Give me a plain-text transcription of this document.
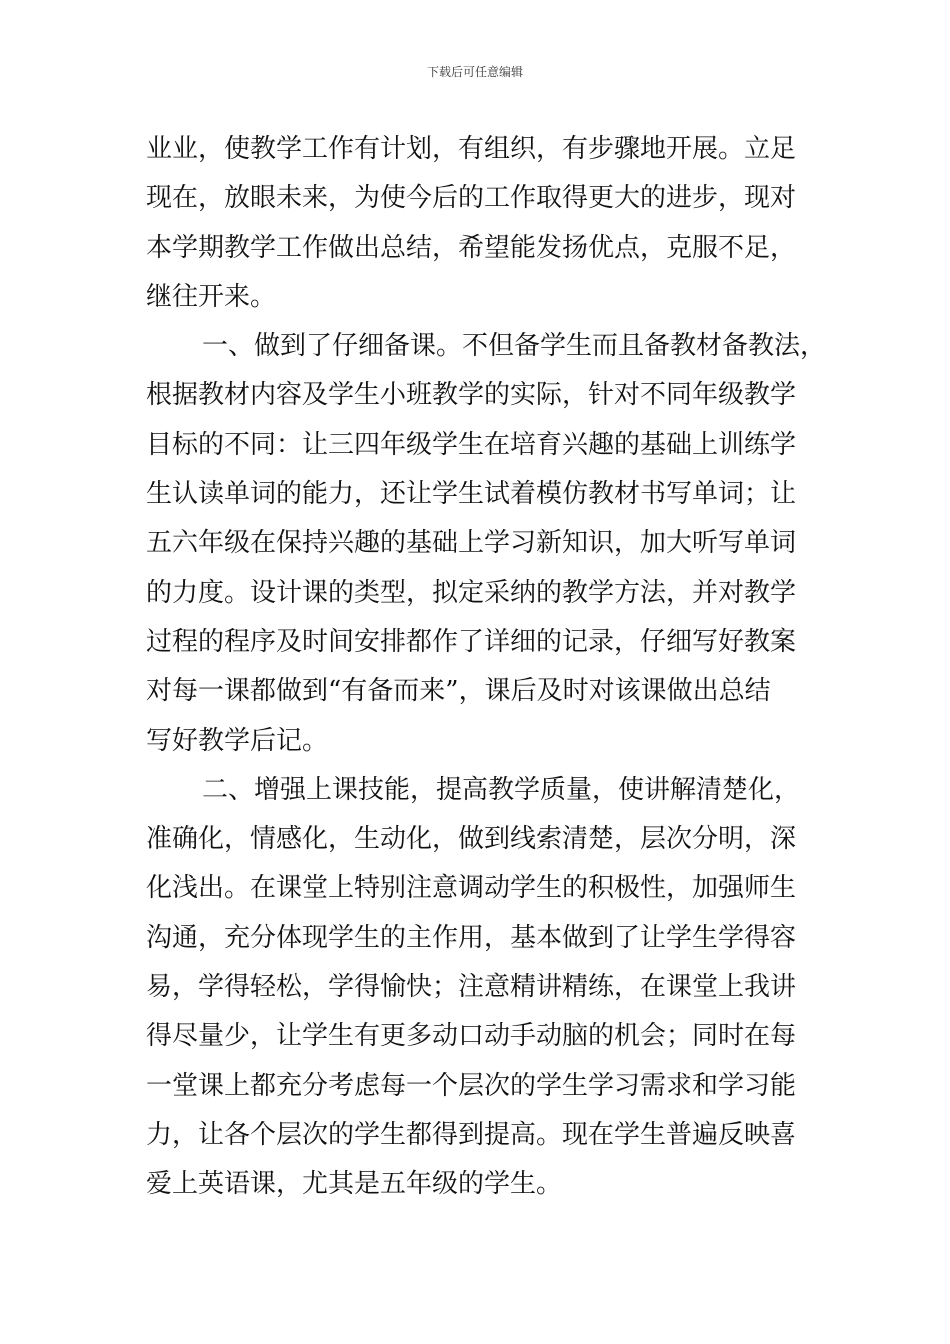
下载后可任意编辑
业业，使教学工作有计划，有组织，有步骤地开展。立足
现在，放眼未来，为使今后的工作取得更大的进步，现对
本学期教学工作做出总结，希望能发扬优点，克服不足，
继往开来。
一、做到了仔细备课。不但备学生而且备教材备教法，
根据教材内容及学生小班教学的实际，针对不同年级教学
目标的不同：让三四年级学生在培育兴趣的基础上训练学
生认读单词的能力，还让学生试着模仿教材书写单词；让
五六年级在保持兴趣的基础上学习新知识，加大听写单词
的力度。设计课的类型，拟定采纳的教学方法，并对教学
过程的程序及时间安排都作了详细的记录，仔细写好教案
对每一课都做到“有备而来”，课后及时对该课做出总结
写好教学后记。
二、增强上课技能，提高教学质量，使讲解清楚化，
准确化，情感化，生动化，做到线索清楚，层次分明，深
化浅出。在课堂上特别注意调动学生的积极性，加强师生
沟通，充分体现学生的主作用，基本做到了让学生学得容
易，学得轻松，学得愉快；注意精讲精练，在课堂上我讲
得尽量少，让学生有更多动口动手动脑的机会；同时在每
一堂课上都充分考虑每一个层次的学生学习需求和学习能
力，让各个层次的学生都得到提高。现在学生普遍反映喜
爱上英语课，尤其是五年级的学生。
